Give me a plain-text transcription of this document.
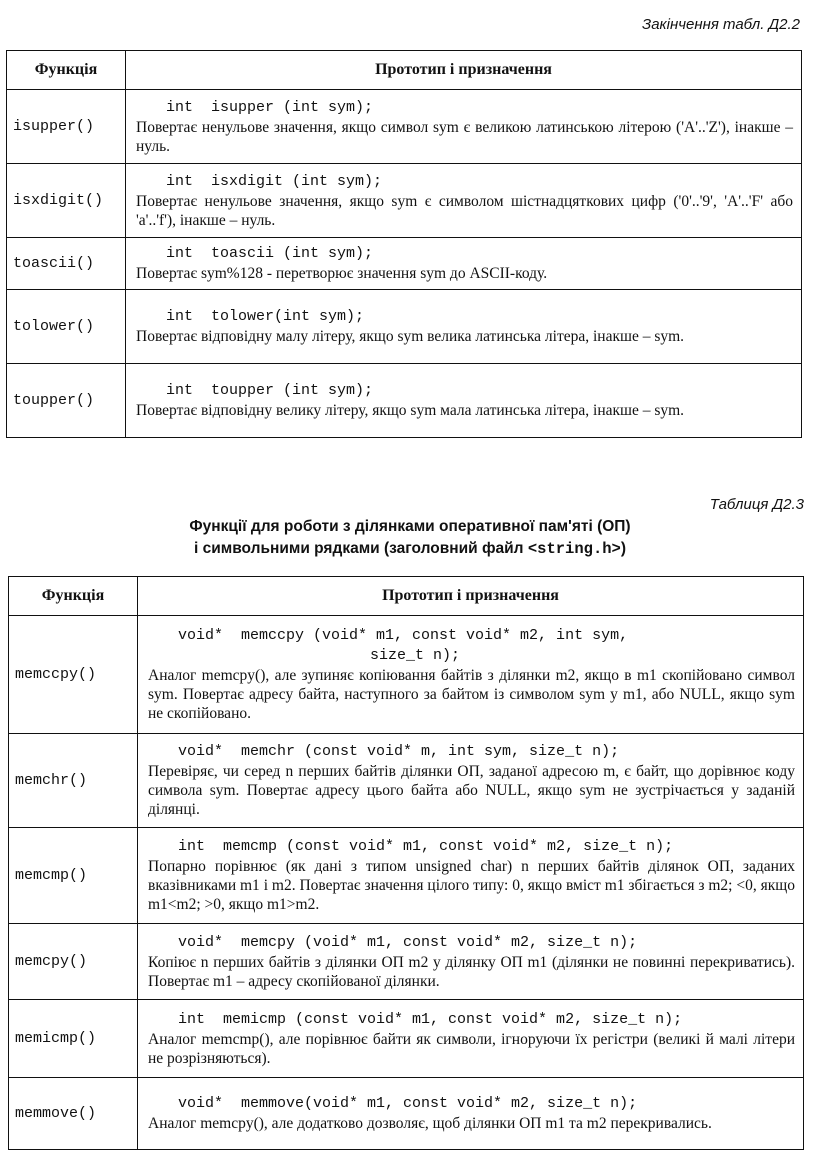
Закінчення табл. Д2.2
Функція	Прототип і призначення
isupper()	int  isupper (int sym);
Повертає ненульове значення, якщо символ sym є великою латинською літерою ('A'..'Z'), інакше – нуль.

isxdigit()	int  isxdigit (int sym);
Повертає ненульове значення, якщо sym є символом шістнадцяткових цифр ('0'..'9', 'A'..'F' або 'a'..'f'), інакше – нуль.

toascii()	int  toascii (int sym);
Повертає sym%128 - перетворює значення sym до ASCII-коду.

tolower()	int  tolower(int sym);
Повертає відповідну малу літеру, якщо sym велика латинська літера, інакше – sym.

toupper()	int  toupper (int sym);
Повертає відповідну велику літеру, якщо sym мала латинська літера, інакше – sym.
Таблиця Д2.3
Функції для роботи з ділянками оперативної пам'яті (ОП)
і символьними рядками (заголовний файл <string.h>)
Функція	Прототип і призначення
memccpy()	void*  memccpy (void* m1, const void* m2, int sym,
size_t n);
Аналог memcpy(), але зупиняє копіювання байтів з ділянки m2, якщо в m1 скопійовано символ sym. Повертає адресу байта, наступного за байтом із символом sym у m1, або NULL, якщо sym не скопійовано.

memchr()	void*  memchr (const void* m, int sym, size_t n);
Перевіряє, чи серед n перших байтів ділянки ОП, заданої адресою m, є байт, що дорівнює коду символа sym. Повертає адресу цього байта або NULL, якщо sym не зустрічається у заданій ділянці.

memcmp()	int  memcmp (const void* m1, const void* m2, size_t n);
Попарно порівнює (як дані з типом unsigned char) n перших байтів ділянок ОП, заданих вказівниками m1 і m2. Повертає значення цілого типу: 0, якщо вміст m1 збігається з m2; <0, якщо m1<m2; >0, якщо m1>m2.

memcpy()	void*  memcpy (void* m1, const void* m2, size_t n);
Копіює n перших байтів з ділянки ОП m2 у ділянку ОП m1 (ділянки не повинні перекриватись). Повертає m1 – адресу скопійованої ділянки.

memicmp()	int  memicmp (const void* m1, const void* m2, size_t n);
Аналог memcmp(), але порівнює байти як символи, ігноруючи їх регістри (великі й малі літери не розрізняються).

memmove()	void*  memmove(void* m1, const void* m2, size_t n);
Аналог memcpy(), але додатково дозволяє, щоб ділянки ОП m1 та m2 перекривались.
